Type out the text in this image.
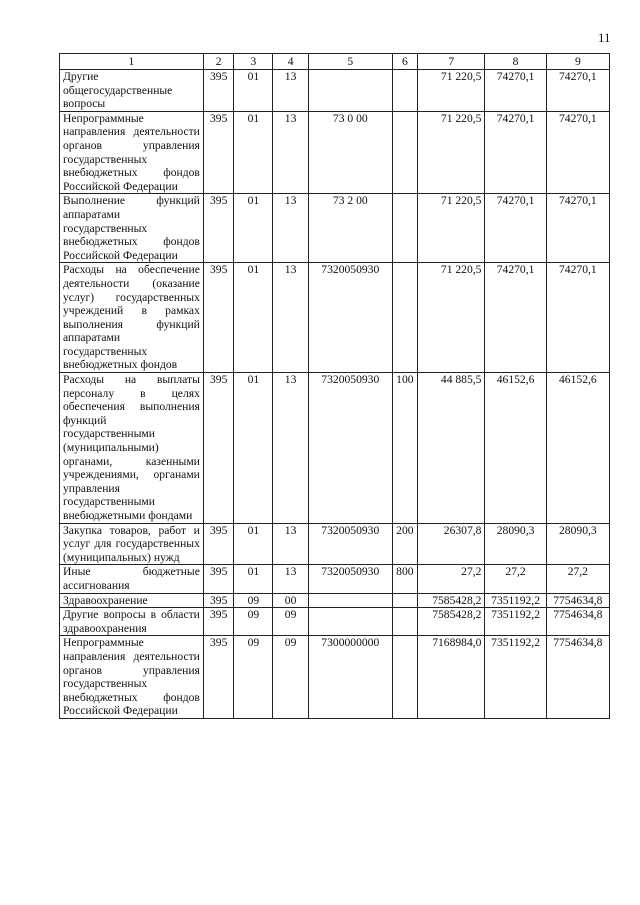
11
1	2	3	4	5	6	7	8	9
Другие общегосударственные вопросы	395	01	13			71 220,5	74270,1	74270,1
Непрограммные направления деятельности органов управления государственных внебюджетных фондов Российской Федерации	395	01	13	73 0 00		71 220,5	74270,1	74270,1
Выполнение функций аппаратами государственных внебюджетных фондов Российской Федерации	395	01	13	73 2 00		71 220,5	74270,1	74270,1
Расходы на обеспечение деятельности (оказание услуг) государственных учреждений в рамках выполнения функций аппаратами государственных внебюджетных фондов	395	01	13	7320050930		71 220,5	74270,1	74270,1
Расходы на выплаты персоналу в целях обеспечения выполнения функций государственными (муниципальными) органами, казенными учреждениями, органами управления государственными внебюджетными фондами	395	01	13	7320050930	100	44 885,5	46152,6	46152,6
Закупка товаров, работ и услуг для государственных (муниципальных) нужд	395	01	13	7320050930	200	26307,8	28090,3	28090,3
Иные бюджетные ассигнования	395	01	13	7320050930	800	27,2	27,2	27,2
Здравоохранение	395	09	00			7585428,2	7351192,2	7754634,8
Другие вопросы в области здравоохранения	395	09	09			7585428,2	7351192,2	7754634,8
Непрограммные направления деятельности органов управления государственных внебюджетных фондов Российской Федерации	395	09	09	7300000000		7168984,0	7351192,2	7754634,8
